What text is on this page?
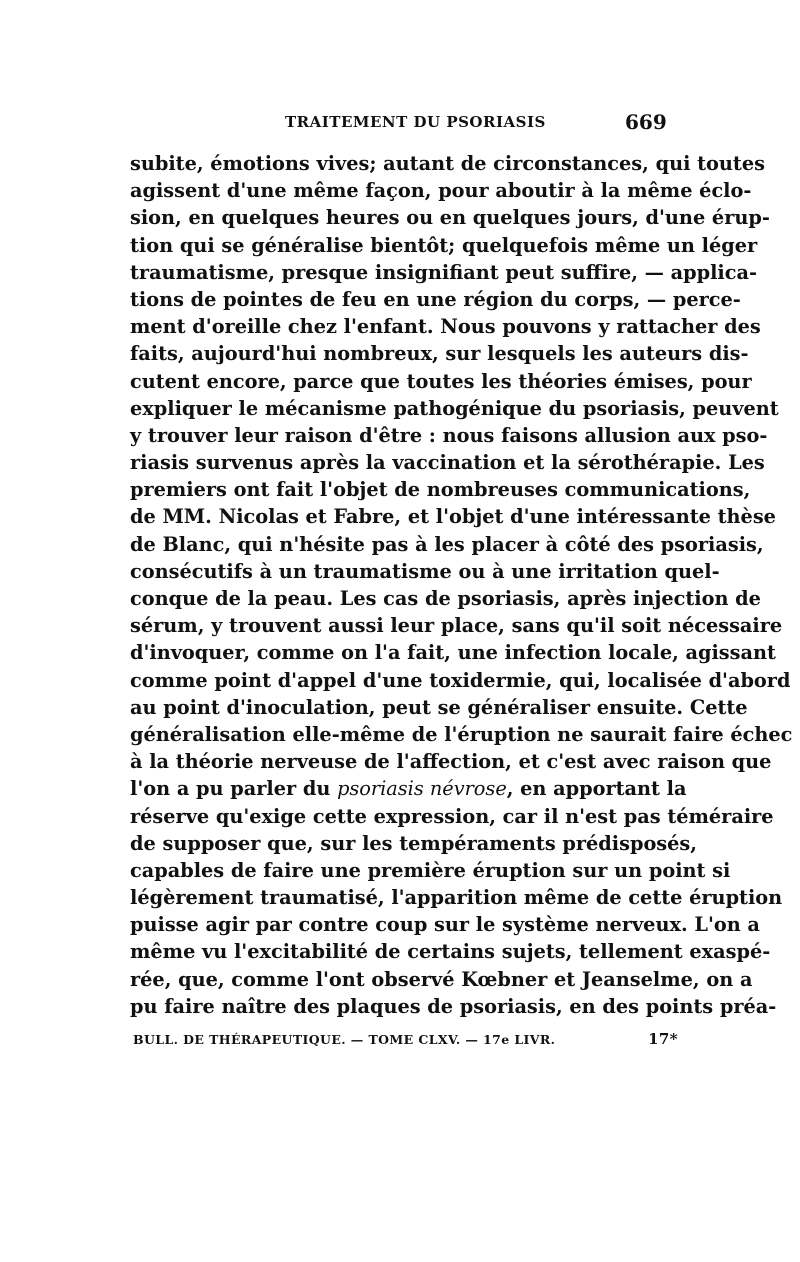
TRAITEMENT DU PSORIASIS	669
subite, émotions vives; autant de circonstances, qui toutes
agissent d'une même façon, pour aboutir à la même éclo-
sion, en quelques heures ou en quelques jours, d'une érup-
tion qui se généralise bientôt; quelquefois même un léger
traumatisme, presque insignifiant peut suffire, — applica-
tions de pointes de feu en une région du corps, — perce-
ment d'oreille chez l'enfant. Nous pouvons y rattacher des
faits, aujourd'hui nombreux, sur lesquels les auteurs dis-
cutent encore, parce que toutes les théories émises, pour
expliquer le mécanisme pathogénique du psoriasis, peuvent
y trouver leur raison d'être : nous faisons allusion aux pso-
riasis survenus après la vaccination et la sérothérapie. Les
premiers ont fait l'objet de nombreuses communications,
de MM. Nicolas et Fabre, et l'objet d'une intéressante thèse
de Blanc, qui n'hésite pas à les placer à côté des psoriasis,
consécutifs à un traumatisme ou à une irritation quel-
conque de la peau. Les cas de psoriasis, après injection de
sérum, y trouvent aussi leur place, sans qu'il soit nécessaire
d'invoquer, comme on l'a fait, une infection locale, agissant
comme point d'appel d'une toxidermie, qui, localisée d'abord
au point d'inoculation, peut se généraliser ensuite. Cette
généralisation elle-même de l'éruption ne saurait faire échec
à la théorie nerveuse de l'affection, et c'est avec raison que
l'on a pu parler du psoriasis névrose, en apportant la
réserve qu'exige cette expression, car il n'est pas téméraire
de supposer que, sur les tempéraments prédisposés,
capables de faire une première éruption sur un point si
légèrement traumatisé, l'apparition même de cette éruption
puisse agir par contre coup sur le système nerveux. L'on a
même vu l'excitabilité de certains sujets, tellement exaspé-
rée, que, comme l'ont observé Kœbner et Jeanselme, on a
pu faire naître des plaques de psoriasis, en des points préa-
BULL. DE THÉRAPEUTIQUE. — TOME CLXV. — 17e LIVR.	17*
